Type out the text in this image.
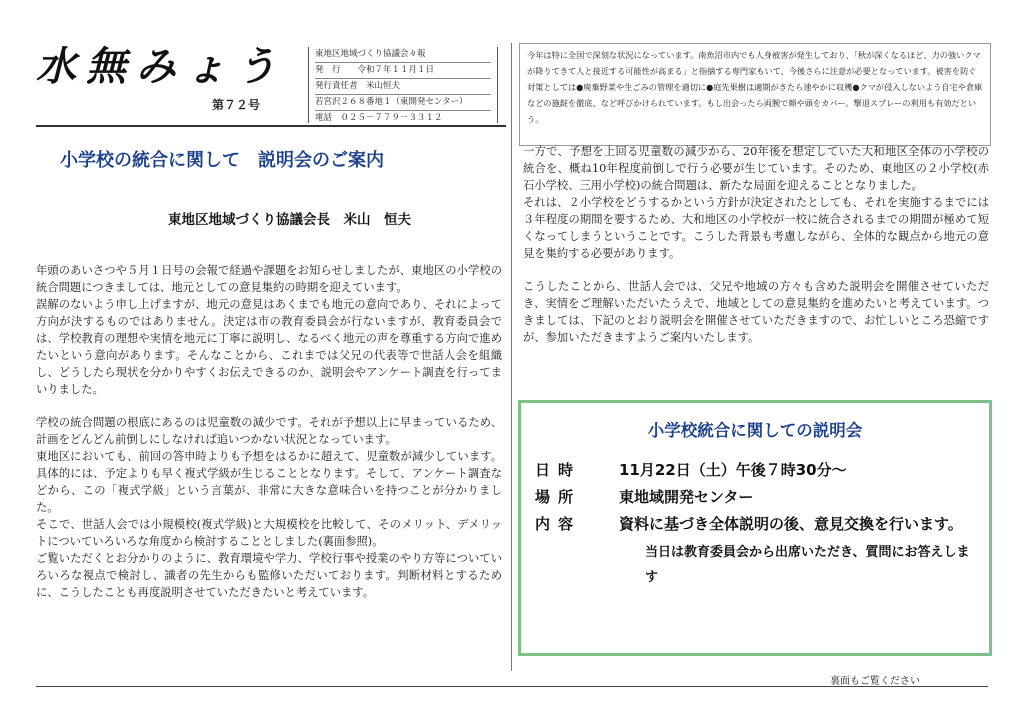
水無みょう
第７２号
東地区地域づくり協議会々報
発　行　　令和７年１１月１日
発行責任者　米山恒夫
若宮沢２６８番地１（東開発センター）
電話　０２５－７７９－３３１２
今年は特に全国で深刻な状況になっています。南魚沼市内でも人身被害が発生しており、「秋が深くなるほど、力の強いクマが降りてきて人と接近する可能性が高まる」と指摘する専門家もいて、今後さらに注意が必要となっています。被害を防ぐ対策としては●廃棄野菜や生ごみの管理を適切に●庭先果樹は適期がきたら速やかに収穫●クマが侵入しないよう自宅や倉庫などの施錠を徹底、など呼びかけられています。もし出会ったら両腕で顔や頭をカバー。撃退スプレーの利用も有効だという。
小学校の統合に関して　説明会のご案内
東地区地域づくり協議会長　米山　恒夫

年頭のあいさつや５月１日号の会報で経過や課題をお知らせしましたが、東地区の小学校の統合問題につきましては、地元としての意見集約の時期を迎えています。

誤解のないよう申し上げますが、地元の意見はあくまでも地元の意向であり、それによって方向が決するものではありません。決定は市の教育委員会が行ないますが、教育委員会では、学校教育の理想や実情を地元に丁寧に説明し、なるべく地元の声を尊重する方向で進めたいという意向があります。そんなことから、これまでは父兄の代表等で世話人会を組織し、どうしたら現状を分かりやすくお伝えできるのか、説明会やアンケート調査を行ってまいりました。

学校の統合問題の根底にあるのは児童数の減少です。それが予想以上に早まっているため、計画をどんどん前倒しにしなければ追いつかない状況となっています。

東地区においても、前回の答申時よりも予想をはるかに超えて、児童数が減少しています。具体的には、予定よりも早く複式学級が生じることとなります。そして、アンケート調査などから、この「複式学級」という言葉が、非常に大きな意味合いを持つことが分かりました。

そこで、世話人会では小規模校(複式学級)と大規模校を比較して、そのメリット、デメリットについていろいろな角度から検討することとしました(裏面参照)。

ご覧いただくとお分かりのように、教育環境や学力、学校行事や授業のやり方等についていろいろな視点で検討し、識者の先生からも監修いただいております。判断材料とするために、こうしたことも再度説明させていただきたいと考えています。

一方で、予想を上回る児童数の減少から、20年後を想定していた大和地区全体の小学校の統合を、概ね10年程度前倒しで行う必要が生じています。そのため、東地区の２小学校(赤石小学校、三用小学校)の統合問題は、新たな局面を迎えることとなりました。

それは、２小学校をどうするかという方針が決定されたとしても、それを実施するまでには３年程度の期間を要するため、大和地区の小学校が一校に統合されるまでの期間が極めて短くなってしまうということです。こうした背景も考慮しながら、全体的な観点から地元の意見を集約する必要があります。

こうしたことから、世話人会では、父兄や地域の方々も含めた説明会を開催させていただき、実情をご理解いただいたうえで、地域としての意見集約を進めたいと考えています。つきましては、下記のとおり説明会を開催させていただきますので、お忙しいところ恐縮ですが、参加いただきますようご案内いたします。

小学校統合に関しての説明会
日時	11月22日（土）午後７時30分～
場所	東地域開発センター
内容	資料に基づき全体説明の後、意見交換を行います。
当日は教育委員会から出席いただき、質問にお答えします
裏面もご覧ください
